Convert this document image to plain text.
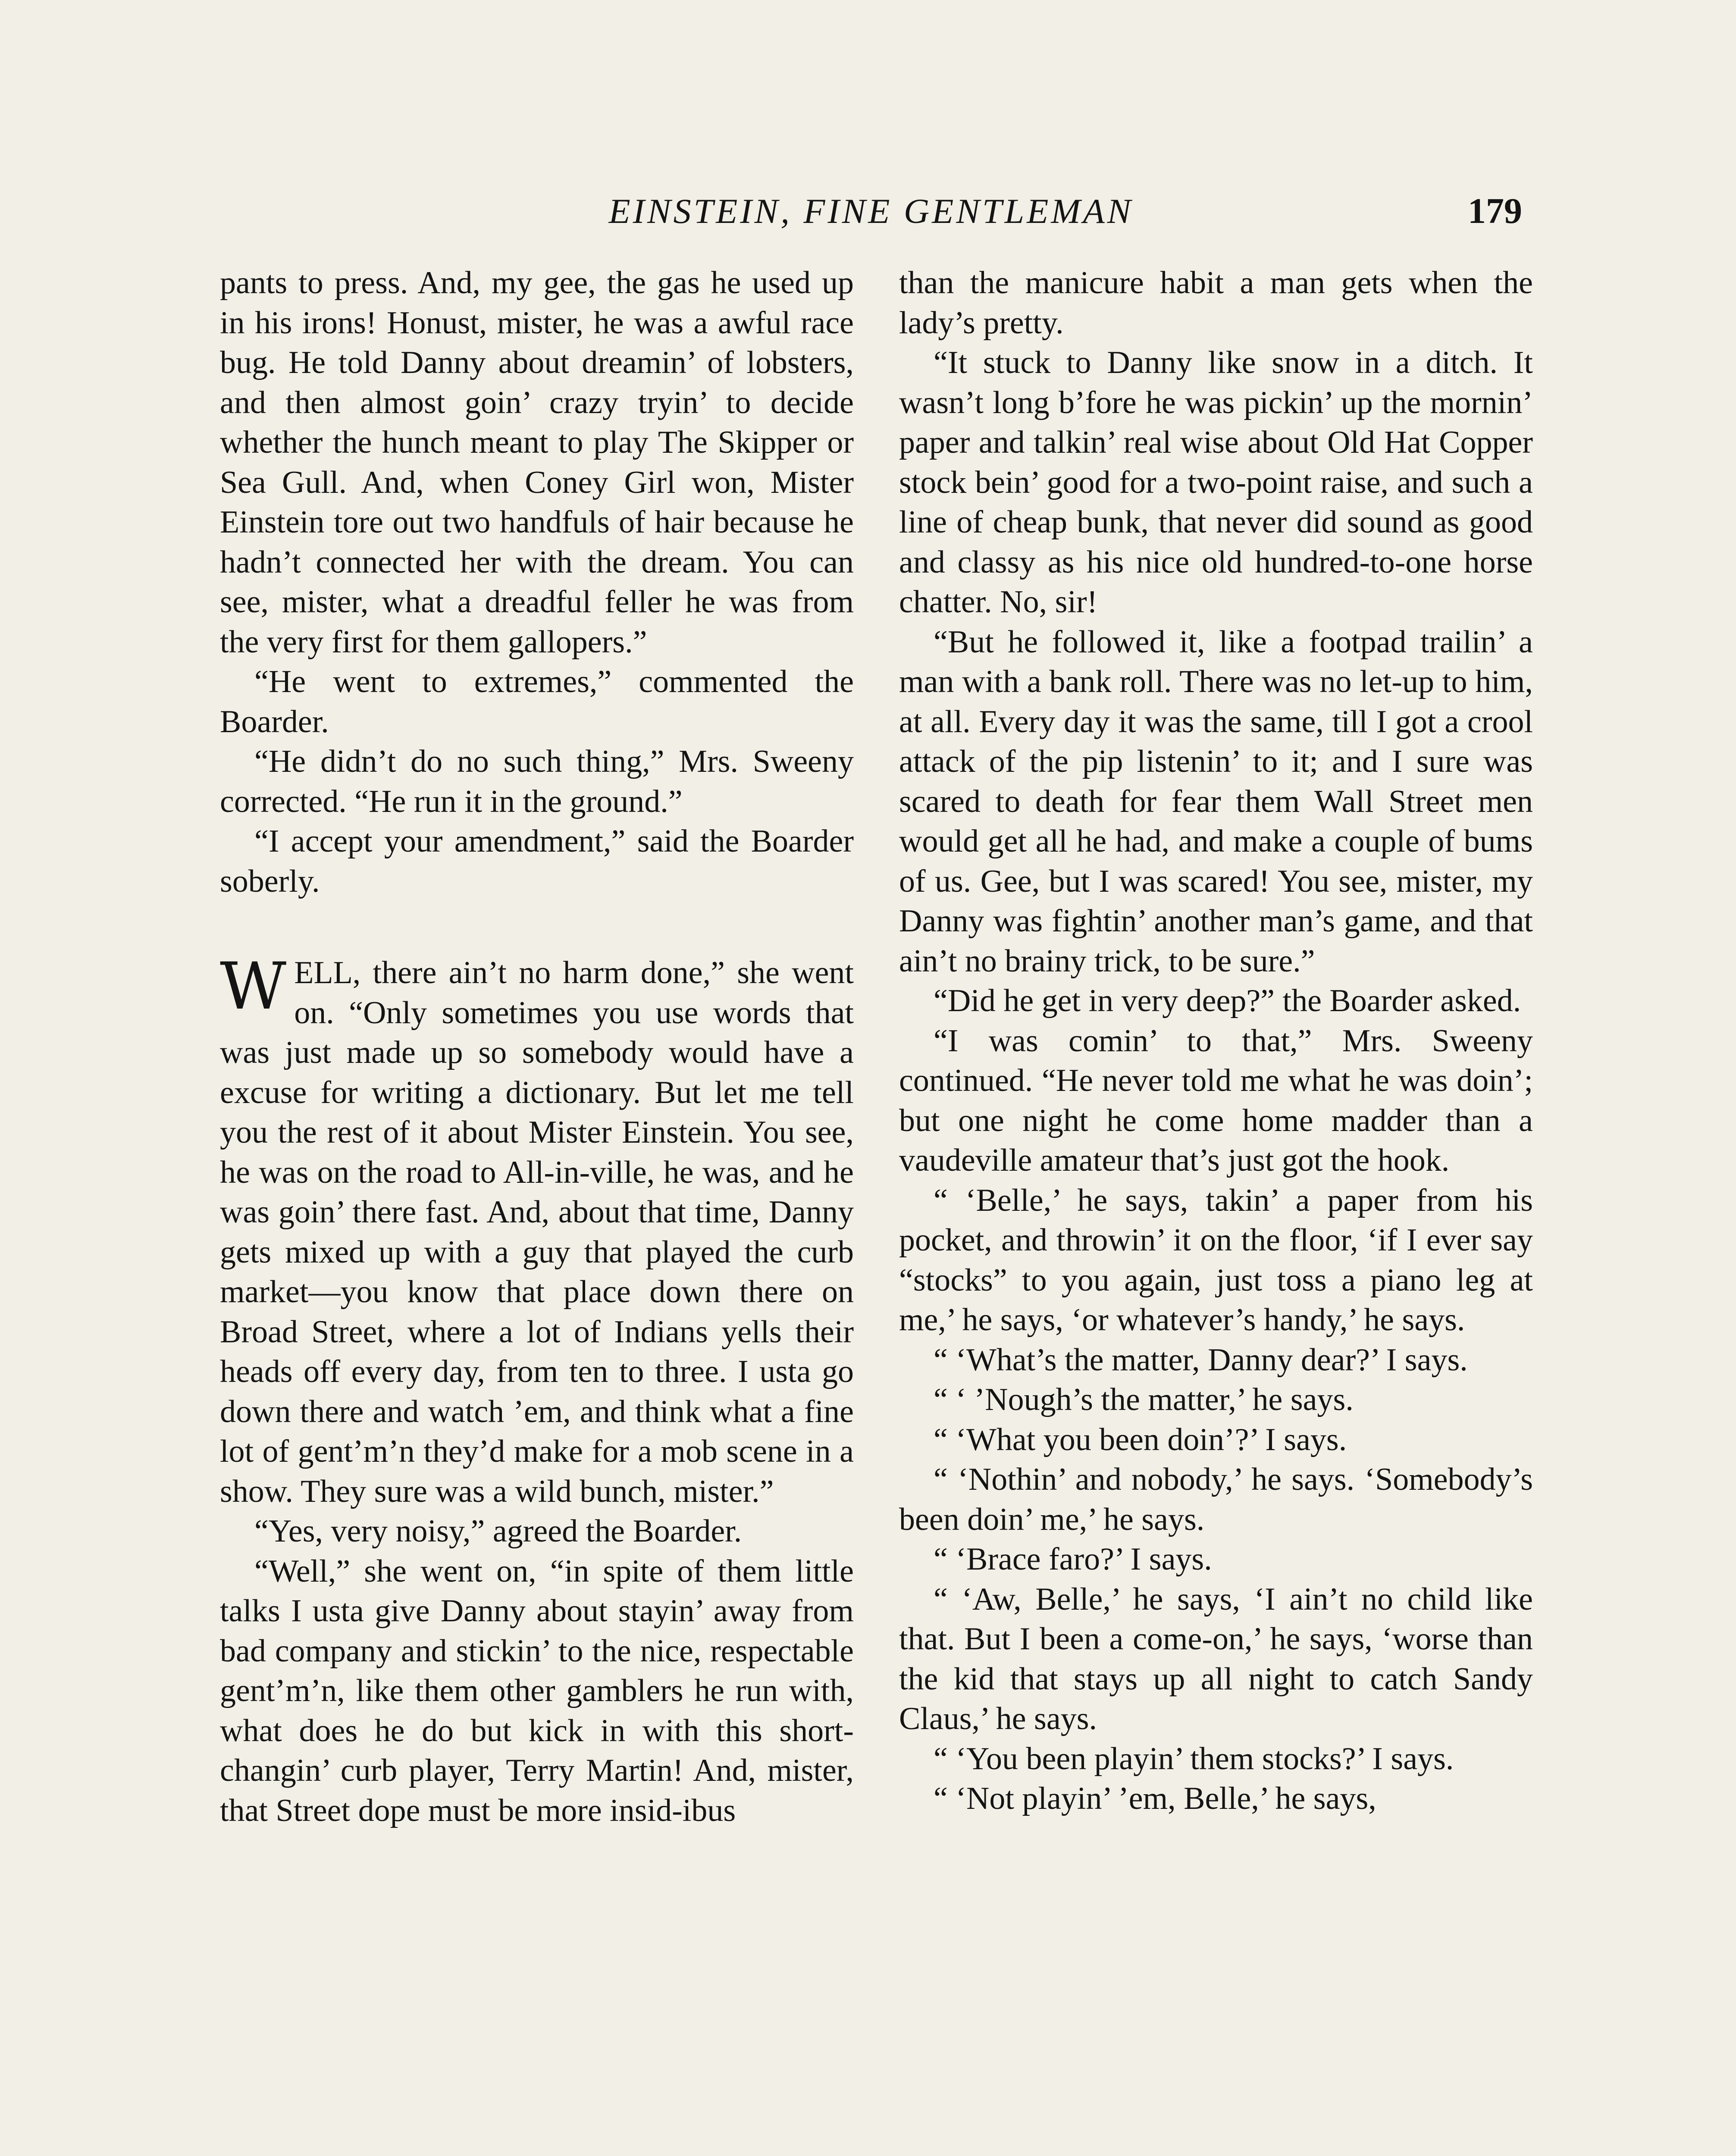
EINSTEIN, FINE GENTLEMAN	179

pants to press. And, my gee, the gas he used up in his irons! Honust, mister, he was a awful race bug. He told Danny about dreamin’ of lobsters, and then almost goin’ crazy tryin’ to decide whether the hunch meant to play The Skipper or Sea Gull. And, when Coney Girl won, Mister Einstein tore out two handfuls of hair because he hadn’t connected her with the dream. You can see, mister, what a dreadful feller he was from the very first for them gallopers.”

“He went to extremes,” commented the Boarder.

“He didn’t do no such thing,” Mrs. Sweeny corrected. “He run it in the ground.”

“I accept your amendment,” said the Boarder soberly.

WELL, there ain’t no harm done,” she went on. “Only sometimes you use words that was just made up so somebody would have a excuse for writing a dictionary. But let me tell you the rest of it about Mister Einstein. You see, he was on the road to All-in-ville, he was, and he was goin’ there fast. And, about that time, Danny gets mixed up with a guy that played the curb market—you know that place down there on Broad Street, where a lot of Indians yells their heads off every day, from ten to three. I usta go down there and watch ’em, and think what a fine lot of gent’m’n they’d make for a mob scene in a show. They sure was a wild bunch, mister.”

“Yes, very noisy,” agreed the Boarder.

“Well,” she went on, “in spite of them little talks I usta give Danny about stayin’ away from bad company and stickin’ to the nice, respectable gent’m’n, like them other gamblers he run with, what does he do but kick in with this short-changin’ curb player, Terry Martin! And, mister, that Street dope must be more insid-ibus

than the manicure habit a man gets when the lady’s pretty.

“It stuck to Danny like snow in a ditch. It wasn’t long b’fore he was pickin’ up the mornin’ paper and talkin’ real wise about Old Hat Copper stock bein’ good for a two-point raise, and such a line of cheap bunk, that never did sound as good and classy as his nice old hundred-to-one horse chatter. No, sir!

“But he followed it, like a footpad trailin’ a man with a bank roll. There was no let-up to him, at all. Every day it was the same, till I got a crool attack of the pip listenin’ to it; and I sure was scared to death for fear them Wall Street men would get all he had, and make a couple of bums of us. Gee, but I was scared! You see, mister, my Danny was fightin’ another man’s game, and that ain’t no brainy trick, to be sure.”

“Did he get in very deep?” the Boarder asked.

“I was comin’ to that,” Mrs. Sweeny continued. “He never told me what he was doin’; but one night he come home madder than a vaudeville amateur that’s just got the hook.

“ ‘Belle,’ he says, takin’ a paper from his pocket, and throwin’ it on the floor, ‘if I ever say “stocks” to you again, just toss a piano leg at me,’ he says, ‘or whatever’s handy,’ he says.

“ ‘What’s the matter, Danny dear?’ I says.

“ ‘ ’Nough’s the matter,’ he says.

“ ‘What you been doin’?’ I says.

“ ‘Nothin’ and nobody,’ he says. ‘Somebody’s been doin’ me,’ he says.

“ ‘Brace faro?’ I says.

“ ‘Aw, Belle,’ he says, ‘I ain’t no child like that. But I been a come-on,’ he says, ‘worse than the kid that stays up all night to catch Sandy Claus,’ he says.

“ ‘You been playin’ them stocks?’ I says.

“ ‘Not playin’ ’em, Belle,’ he says,
